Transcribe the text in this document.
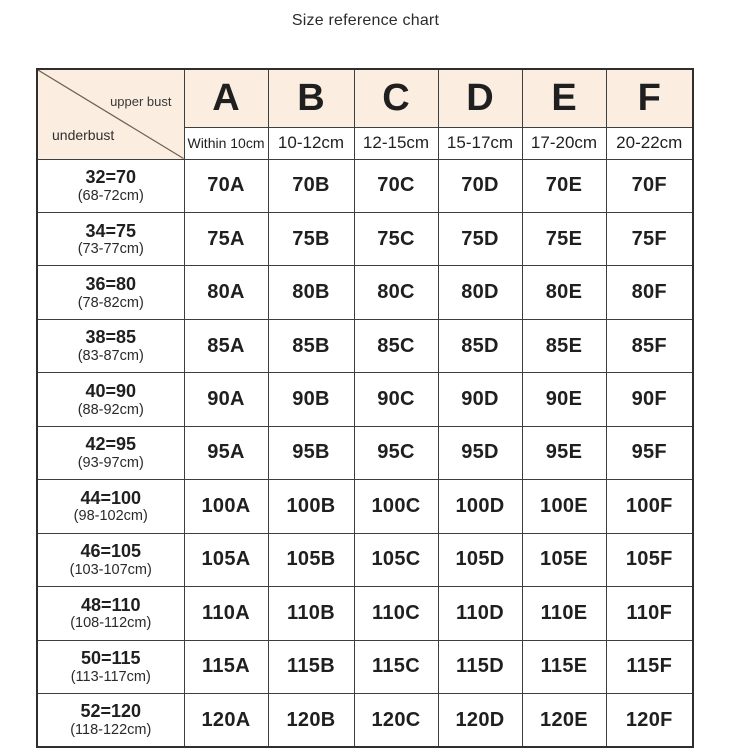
Size reference chart
upper bust
underbust	A	B	C	D	E	F
	Within 10cm	10-12cm	12-15cm	15-17cm	17-20cm	20-22cm

32=70
(68-72cm)	70A	70B	70C	70D	70E	70F

34=75
(73-77cm)	75A	75B	75C	75D	75E	75F

36=80
(78-82cm)	80A	80B	80C	80D	80E	80F

38=85
(83-87cm)	85A	85B	85C	85D	85E	85F

40=90
(88-92cm)	90A	90B	90C	90D	90E	90F

42=95
(93-97cm)	95A	95B	95C	95D	95E	95F

44=100
(98-102cm)	100A	100B	100C	100D	100E	100F

46=105
(103-107cm)	105A	105B	105C	105D	105E	105F

48=110
(108-112cm)	110A	110B	110C	110D	110E	110F

50=115
(113-117cm)	115A	115B	115C	115D	115E	115F

52=120
(118-122cm)	120A	120B	120C	120D	120E	120F
